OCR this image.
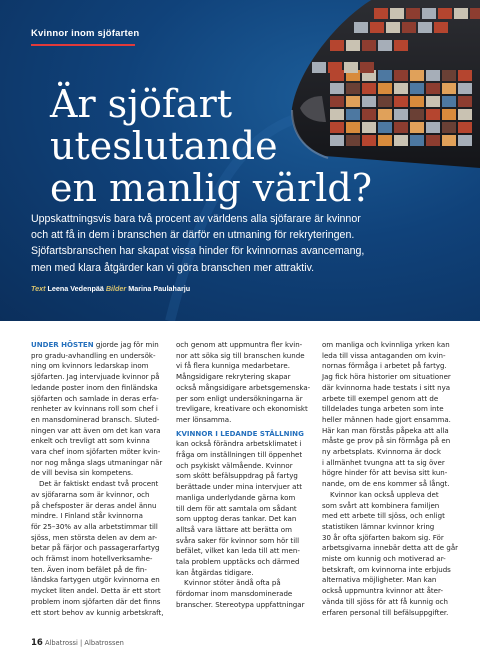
Kvinnor inom sjöfarten
Är sjöfart
uteslutande
en manlig värld?

Uppskattningsvis bara två procent av världens alla sjöfarare är kvinnor
och att få in dem i branschen är därför en utmaning för rekryteringen.
Sjöfartsbranschen har skapat vissa hinder för kvinnornas avancemang,
men med klara åtgärder kan vi göra branschen mer attraktiv.

Text Leena Vedenpää Bilder Marina Paulaharju
UNDER HÖSTEN gjorde jag för min
pro gradu-avhandling en undersök-
ning om kvinnors ledarskap inom
sjöfarten. Jag intervjuade kvinnor på
ledande poster inom den finländska
sjöfarten och samlade in deras erfa-
renheter av kvinnans roll som chef i
en mansdominerad bransch. Sluted-
ningen var att även om det kan vara
enkelt och trevligt att som kvinna
vara chef inom sjöfarten möter kvin-
nor nog många slags utmaningar när
de vill bevisa sin kompetens.
Det är faktiskt endast två procent
av sjöfararna som är kvinnor, och
på chefsposter är deras andel ännu
mindre. I Finland står kvinnorna
för 25–30% av alla arbetstimmar till
sjöss, men största delen av dem ar-
betar på färjor och passagerarfartyg
och främst inom hotellverksamhe-
ten. Även inom befälet på de fin-
ländska fartygen utgör kvinnorna en
mycket liten andel. Detta är ett stort
problem inom sjöfarten där det finns
ett stort behov av kunnig arbetskraft,
och genom att uppmuntra fler kvin-
nor att söka sig till branschen kunde
vi få flera kunniga medarbetare.
Mångsidigare rekrytering skapar
också mångsidigare arbetsgemenska-
per som enligt undersökningarna är
trevligare, kreativare och ekonomiskt
mer lönsamma.
KVINNOR I LEDANDE STÄLLNING
kan också förändra arbetsklimatet i
fråga om inställningen till öppenhet
och psykiskt välmående. Kvinnor
som skött befälsuppdrag på fartyg
berättade under mina intervjuer att
manliga underlydande gärna kom
till dem för att samtala om sådant
som upptog deras tankar. Det kan
alltså vara lättare att berätta om
svåra saker för kvinnor som hör till
befälet, vilket kan leda till att men-
tala problem upptäcks och därmed
kan åtgärdas tidigare.
Kvinnor stöter ändå ofta på
fördomar inom mansdominerade
branscher. Stereotypa uppfattningar
om manliga och kvinnliga yrken kan
leda till vissa antaganden om kvin-
nornas förmåga i arbetet på fartyg.
Jag fick höra historier om situationer
där kvinnorna hade testats i sitt nya
arbete till exempel genom att de
tilldelades tunga arbeten som inte
heller männen hade gjort ensamma.
Här kan man förstås påpeka att alla
måste ge prov på sin förmåga på en
ny arbetsplats. Kvinnorna är dock
i allmänhet tvungna att ta sig över
högre hinder för att bevisa sitt kun-
nande, om de ens kommer så långt.
Kvinnor kan också uppleva det
som svårt att kombinera familjen
med ett arbete till sjöss, och enligt
statistiken lämnar kvinnor kring
30 år ofta sjöfarten bakom sig. För
arbetsgivarna innebär detta att de går
miste om kunnig och motiverad ar-
betskraft, om kvinnorna inte erbjuds
alternativa möjligheter. Man kan
också uppmuntra kvinnor att åter-
vända till sjöss för att få kunnig och
erfaren personal till befälsuppgifter.
16 Albatrossi | Albatrossen
